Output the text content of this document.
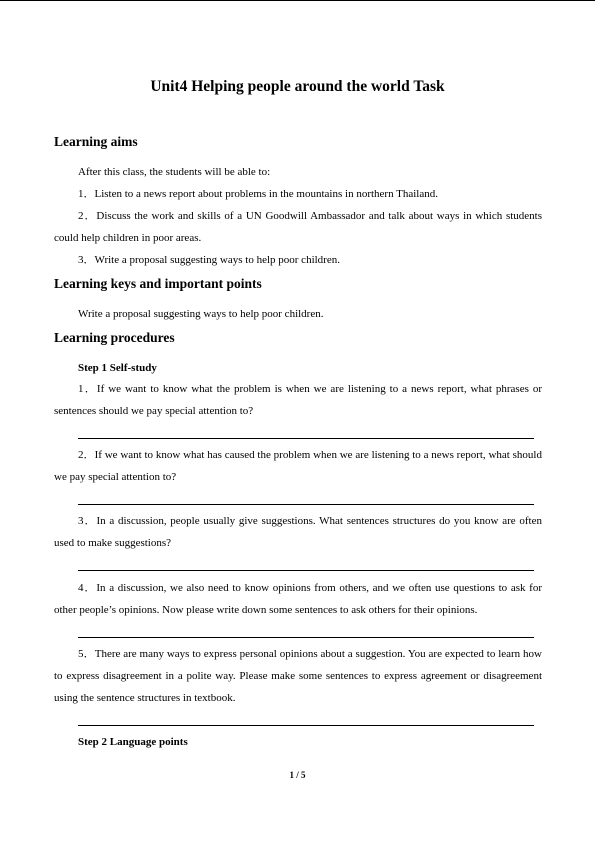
Unit4 Helping people around the world Task
Learning aims
After this class, the students will be able to:
1．Listen to a news report about problems in the mountains in northern Thailand.
2．Discuss the work and skills of a UN Goodwill Ambassador and talk about ways in which students could help children in poor areas.
3．Write a proposal suggesting ways to help poor children.
Learning keys and important points
Write a proposal suggesting ways to help poor children.
Learning procedures
Step 1 Self-study
1．If we want to know what the problem is when we are listening to a news report, what phrases or sentences should we pay special attention to?
2．If we want to know what has caused the problem when we are listening to a news report, what should we pay special attention to?
3．In a discussion, people usually give suggestions. What sentences structures do you know are often used to make suggestions?
4．In a discussion, we also need to know opinions from others, and we often use questions to ask for other people’s opinions. Now please write down some sentences to ask others for their opinions.
5．There are many ways to express personal opinions about a suggestion. You are expected to learn how to express disagreement in a polite way. Please make some sentences to express agreement or disagreement using the sentence structures in textbook.
Step 2 Language points
1 / 5
